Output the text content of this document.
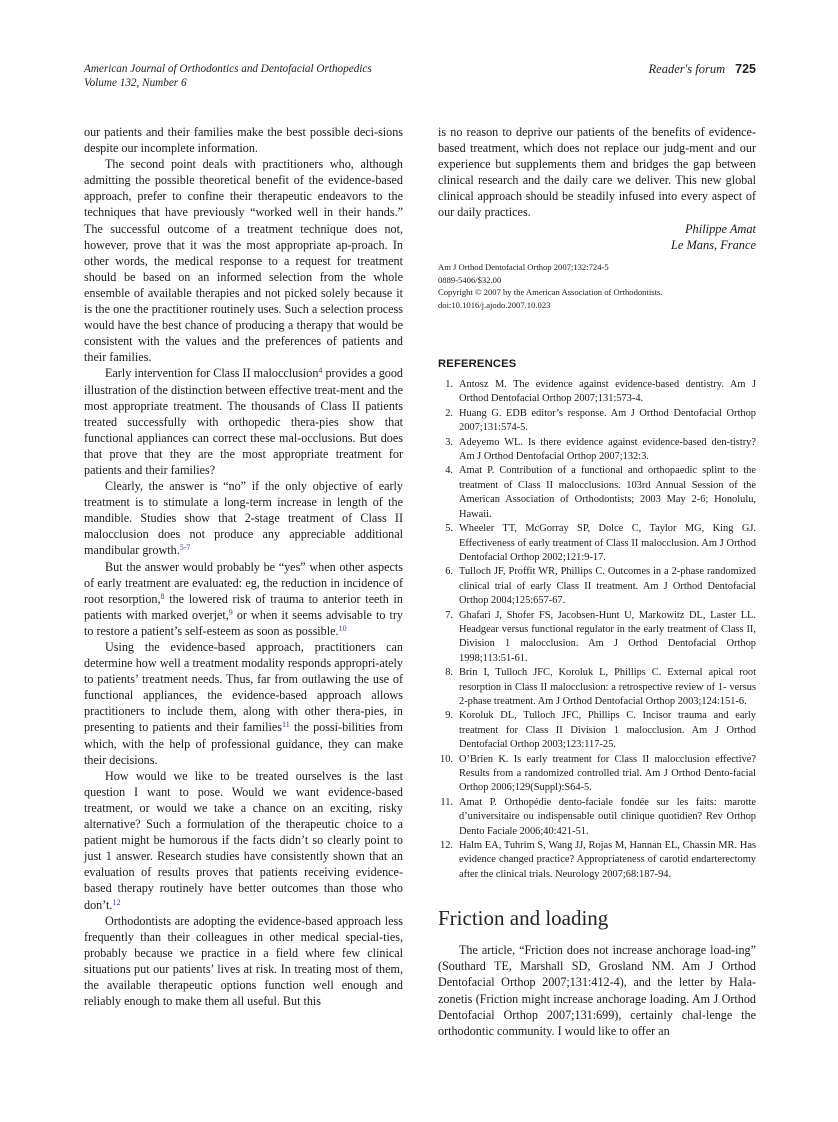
American Journal of Orthodontics and Dentofacial Orthopedics
Volume 132, Number 6
Reader's forum 725

our patients and their families make the best possible deci-sions despite our incomplete information.

The second point deals with practitioners who, although admitting the possible theoretical benefit of the evidence-based approach, prefer to confine their therapeutic endeavors to the techniques that have previously “worked well in their hands.” The successful outcome of a treatment technique does not, however, prove that it was the most appropriate ap-proach. In other words, the medical response to a request for treatment should be based on an informed selection from the whole ensemble of available therapies and not picked solely because it is the one the practitioner routinely uses. Such a selection process would have the best chance of producing a therapy that would be consistent with the values and the preferences of patients and their families.

Early intervention for Class II malocclusion$^4$ provides a good illustration of the distinction between effective treat-ment and the most appropriate treatment. The thousands of Class II patients treated successfully with orthopedic thera-pies show that functional appliances can correct these mal-occlusions. But does that prove that they are the most appropriate treatment for patients and their families?

Clearly, the answer is “no” if the only objective of early treatment is to stimulate a long-term increase in length of the mandible. Studies show that 2-stage treatment of Class II malocclusion does not produce any appreciable additional mandibular growth.$^{5-7}$

But the answer would probably be “yes” when other aspects of early treatment are evaluated: eg, the reduction in incidence of root resorption,$^8$ the lowered risk of trauma to anterior teeth in patients with marked overjet,$^9$ or when it seems advisable to try to restore a patient’s self-esteem as soon as possible.$^{10}$

Using the evidence-based approach, practitioners can determine how well a treatment modality responds appropri-ately to patients’ treatment needs. Thus, far from outlawing the use of functional appliances, the evidence-based approach allows practitioners to include them, along with other thera-pies, in presenting to patients and their families$^{11}$ the possi-bilities from which, with the help of professional guidance, they can make their decisions.

How would we like to be treated ourselves is the last question I want to pose. Would we want evidence-based treatment, or would we take a chance on an exciting, risky alternative? Such a formulation of the therapeutic choice to a patient might be humorous if the facts didn’t so clearly point to just 1 answer. Research studies have consistently shown that an evaluation of results proves that patients receiving evidence-based therapy routinely have better outcomes than those who don’t.$^{12}$

Orthodontists are adopting the evidence-based approach less frequently than their colleagues in other medical special-ties, probably because we practice in a field where few clinical situations put our patients’ lives at risk. In treating most of them, the available therapeutic options function well enough and reliably enough to make them all useful. But this

is no reason to deprive our patients of the benefits of evidence-based treatment, which does not replace our judg-ment and our experience but supplements them and bridges the gap between clinical research and the daily care we deliver. This new global clinical approach should be steadily infused into every aspect of our daily practices.

Philippe Amat
Le Mans, France
Am J Orthod Dentofacial Orthop 2007;132:724-5
0889-5406/$32.00
Copyright © 2007 by the American Association of Orthodontists.
doi:10.1016/j.ajodo.2007.10.023
REFERENCES
1. Antosz M. The evidence against evidence-based dentistry. Am J Orthod Dentofacial Orthop 2007;131:573-4.
2. Huang G. EDB editor’s response. Am J Orthod Dentofacial Orthop 2007;131:574-5.
3. Adeyemo WL. Is there evidence against evidence-based den-tistry? Am J Orthod Dentofacial Orthop 2007;132:3.
4. Amat P. Contribution of a functional and orthopaedic splint to the treatment of Class II malocclusions. 103rd Annual Session of the American Association of Orthodontists; 2003 May 2-6; Honolulu, Hawaii.
5. Wheeler TT, McGorray SP, Dolce C, Taylor MG, King GJ. Effectiveness of early treatment of Class II malocclusion. Am J Orthod Dentofacial Orthop 2002;121:9-17.
6. Tulloch JF, Proffit WR, Phillips C. Outcomes in a 2-phase randomized clinical trial of early Class II treatment. Am J Orthod Dentofacial Orthop 2004;125:657-67.
7. Ghafari J, Shofer FS, Jacobsen-Hunt U, Markowitz DL, Laster LL. Headgear versus functional regulator in the early treatment of Class II, Division 1 malocclusion. Am J Orthod Dentofacial Orthop 1998;113:51-61.
8. Brin I, Tulloch JFC, Koroluk L, Phillips C. External apical root resorption in Class II malocclusion: a retrospective review of 1- versus 2-phase treatment. Am J Orthod Dentofacial Orthop 2003;124:151-6.
9. Koroluk DL, Tulloch JFC, Phillips C. Incisor trauma and early treatment for Class II Division 1 malocclusion. Am J Orthod Dentofacial Orthop 2003;123:117-25.
10. O’Brien K. Is early treatment for Class II malocclusion effective? Results from a randomized controlled trial. Am J Orthod Dento-facial Orthop 2006;129(Suppl):S64-5.
11. Amat P. Orthopédie dento-faciale fondée sur les faits: marotte d’universitaire ou indispensable outil clinique quotidien? Rev Orthop Dento Faciale 2006;40:421-51.
12. Halm EA, Tuhrim S, Wang JJ, Rojas M, Hannan EL, Chassin MR. Has evidence changed practice? Appropriateness of carotid endarterectomy after the clinical trials. Neurology 2007;68:187-94.
Friction and loading

The article, “Friction does not increase anchorage load-ing” (Southard TE, Marshall SD, Grosland NM. Am J Orthod Dentofacial Orthop 2007;131:412-4), and the letter by Hala-zonetis (Friction might increase anchorage loading. Am J Orthod Dentofacial Orthop 2007;131:699), certainly chal-lenge the orthodontic community. I would like to offer an
